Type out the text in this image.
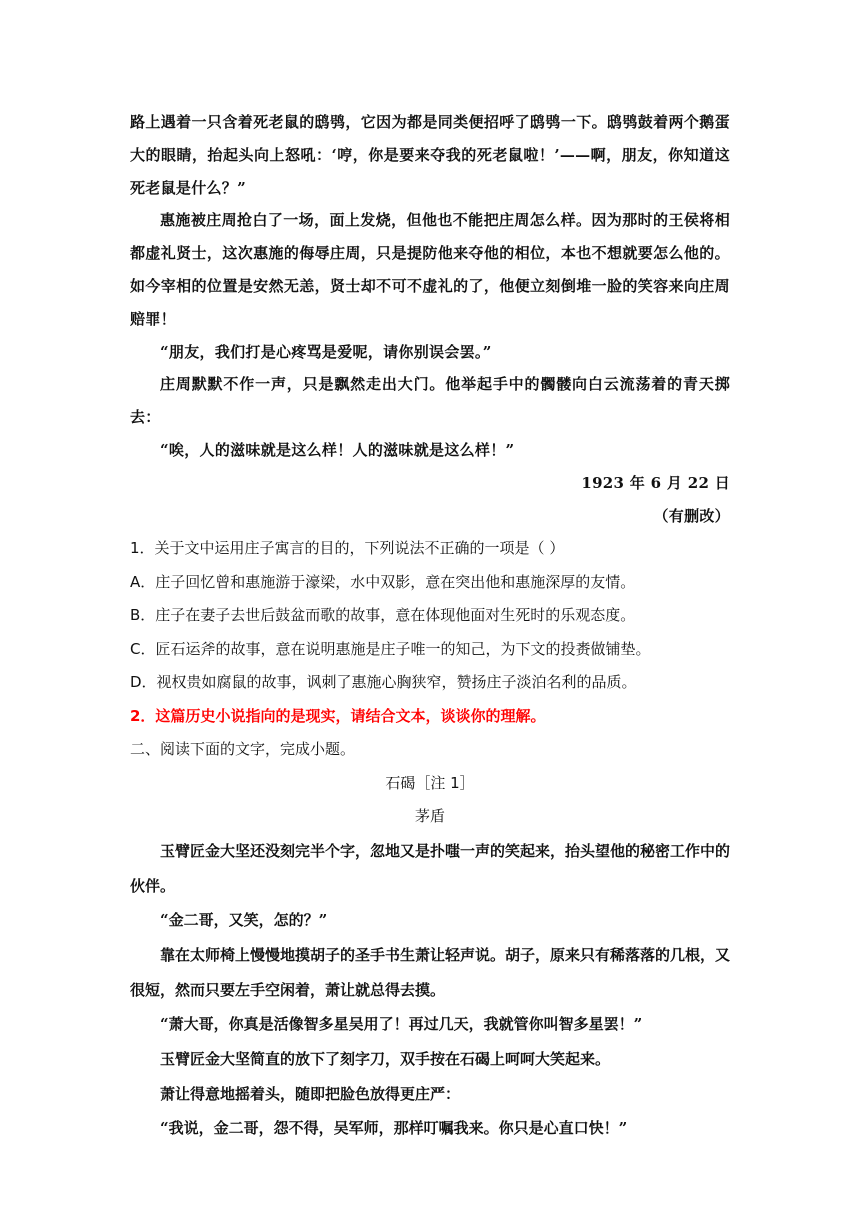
路上遇着一只含着死老鼠的鸱鸮，它因为都是同类便招呼了鸱鸮一下。鸱鸮鼓着两个鹅蛋大的眼睛，抬起头向上怒吼：‘哼，你是要来夺我的死老鼠啦！’——啊，朋友，你知道这死老鼠是什么？”

惠施被庄周抢白了一场，面上发烧，但他也不能把庄周怎么样。因为那时的王侯将相都虚礼贤士，这次惠施的侮辱庄周，只是提防他来夺他的相位，本也不想就要怎么他的。如今宰相的位置是安然无恙，贤士却不可不虚礼的了，他便立刻倒堆一脸的笑容来向庄周赔罪！

“朋友，我们打是心疼骂是爱呢，请你别误会罢。”

庄周默默不作一声，只是飘然走出大门。他举起手中的髑髅向白云流荡着的青天掷去：

“唉，人的滋味就是这么样！人的滋味就是这么样！”

1923 年 6 月 22 日

（有删改）

1．关于文中运用庄子寓言的目的，下列说法不正确的一项是（ ）

A．庄子回忆曾和惠施游于濠梁，水中双影，意在突出他和惠施深厚的友情。

B．庄子在妻子去世后鼓盆而歌的故事，意在体现他面对生死时的乐观态度。

C．匠石运斧的故事，意在说明惠施是庄子唯一的知己，为下文的投赉做铺垫。

D．视权贵如腐鼠的故事，讽刺了惠施心胸狭窄，赞扬庄子淡泊名利的品质。

2．这篇历史小说指向的是现实，请结合文本，谈谈你的理解。

二、阅读下面的文字，完成小题。

石碣［注 1］

茅盾

玉臂匠金大坚还没刻完半个字，忽地又是扑嗤一声的笑起来，抬头望他的秘密工作中的伙伴。

“金二哥，又笑，怎的？”

靠在太师椅上慢慢地摸胡子的圣手书生萧让轻声说。胡子，原来只有稀落落的几根，又很短，然而只要左手空闲着，萧让就总得去摸。

“萧大哥，你真是活像智多星吴用了！再过几天，我就管你叫智多星罢！”

玉臂匠金大坚简直的放下了刻字刀，双手按在石碣上呵呵大笑起来。

萧让得意地摇着头，随即把脸色放得更庄严：

“我说，金二哥，怨不得，吴军师，那样叮嘱我来。你只是心直口快！”
